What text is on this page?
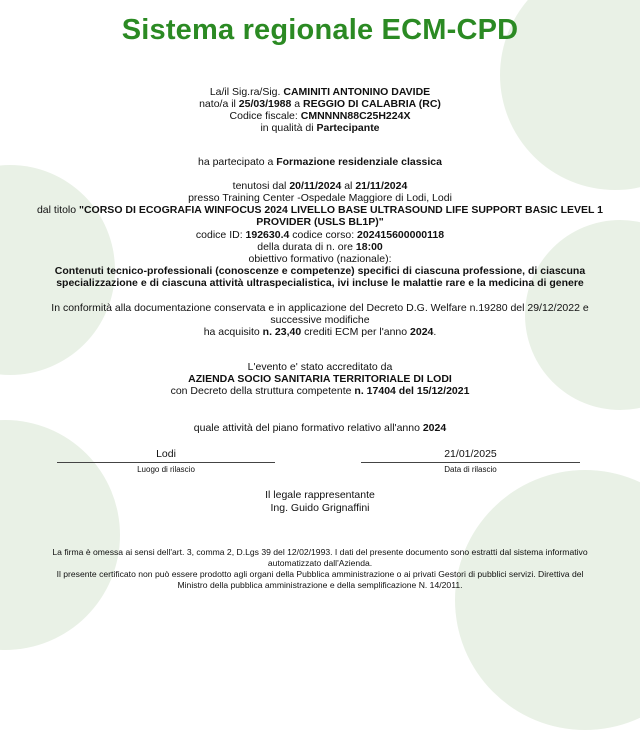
Sistema regionale ECM-CPD
La/il Sig.ra/Sig. CAMINITI ANTONINO DAVIDE
nato/a il 25/03/1988 a REGGIO DI CALABRIA (RC)
Codice fiscale: CMNNNN88C25H224X
in qualità di Partecipante
ha partecipato a Formazione residenziale classica
tenutosi dal 20/11/2024 al 21/11/2024
presso Training Center -Ospedale Maggiore di Lodi, Lodi
dal titolo "CORSO DI ECOGRAFIA WINFOCUS 2024 LIVELLO BASE ULTRASOUND LIFE SUPPORT BASIC LEVEL 1
PROVIDER (USLS BL1P)"
codice ID: 192630.4 codice corso: 202415600000118
della durata di n. ore 18:00
obiettivo formativo (nazionale):
Contenuti tecnico-professionali (conoscenze e competenze) specifici di ciascuna professione, di ciascuna
specializzazione e di ciascuna attività ultraspecialistica, ivi incluse le malattie rare e la medicina di genere
In conformità alla documentazione conservata e in applicazione del Decreto D.G. Welfare n.19280 del 29/12/2022 e
successive modifiche
ha acquisito n. 23,40 crediti ECM per l'anno 2024.
L'evento e' stato accreditato da
AZIENDA SOCIO SANITARIA TERRITORIALE DI LODI
con Decreto della struttura competente n. 17404 del 15/12/2021
quale attività del piano formativo relativo all'anno 2024
Lodi
Luogo di rilascio
21/01/2025
Data di rilascio
Il legale rappresentante
Ing. Guido Grignaffini
La firma è omessa ai sensi dell'art. 3, comma 2, D.Lgs 39 del 12/02/1993. I dati del presente documento sono estratti dal sistema informativo
automatizzato dall'Azienda.
Il presente certificato non può essere prodotto agli organi della Pubblica amministrazione o ai privati Gestori di pubblici servizi. Direttiva del
Ministro della pubblica amministrazione e della semplificazione N. 14/2011.
